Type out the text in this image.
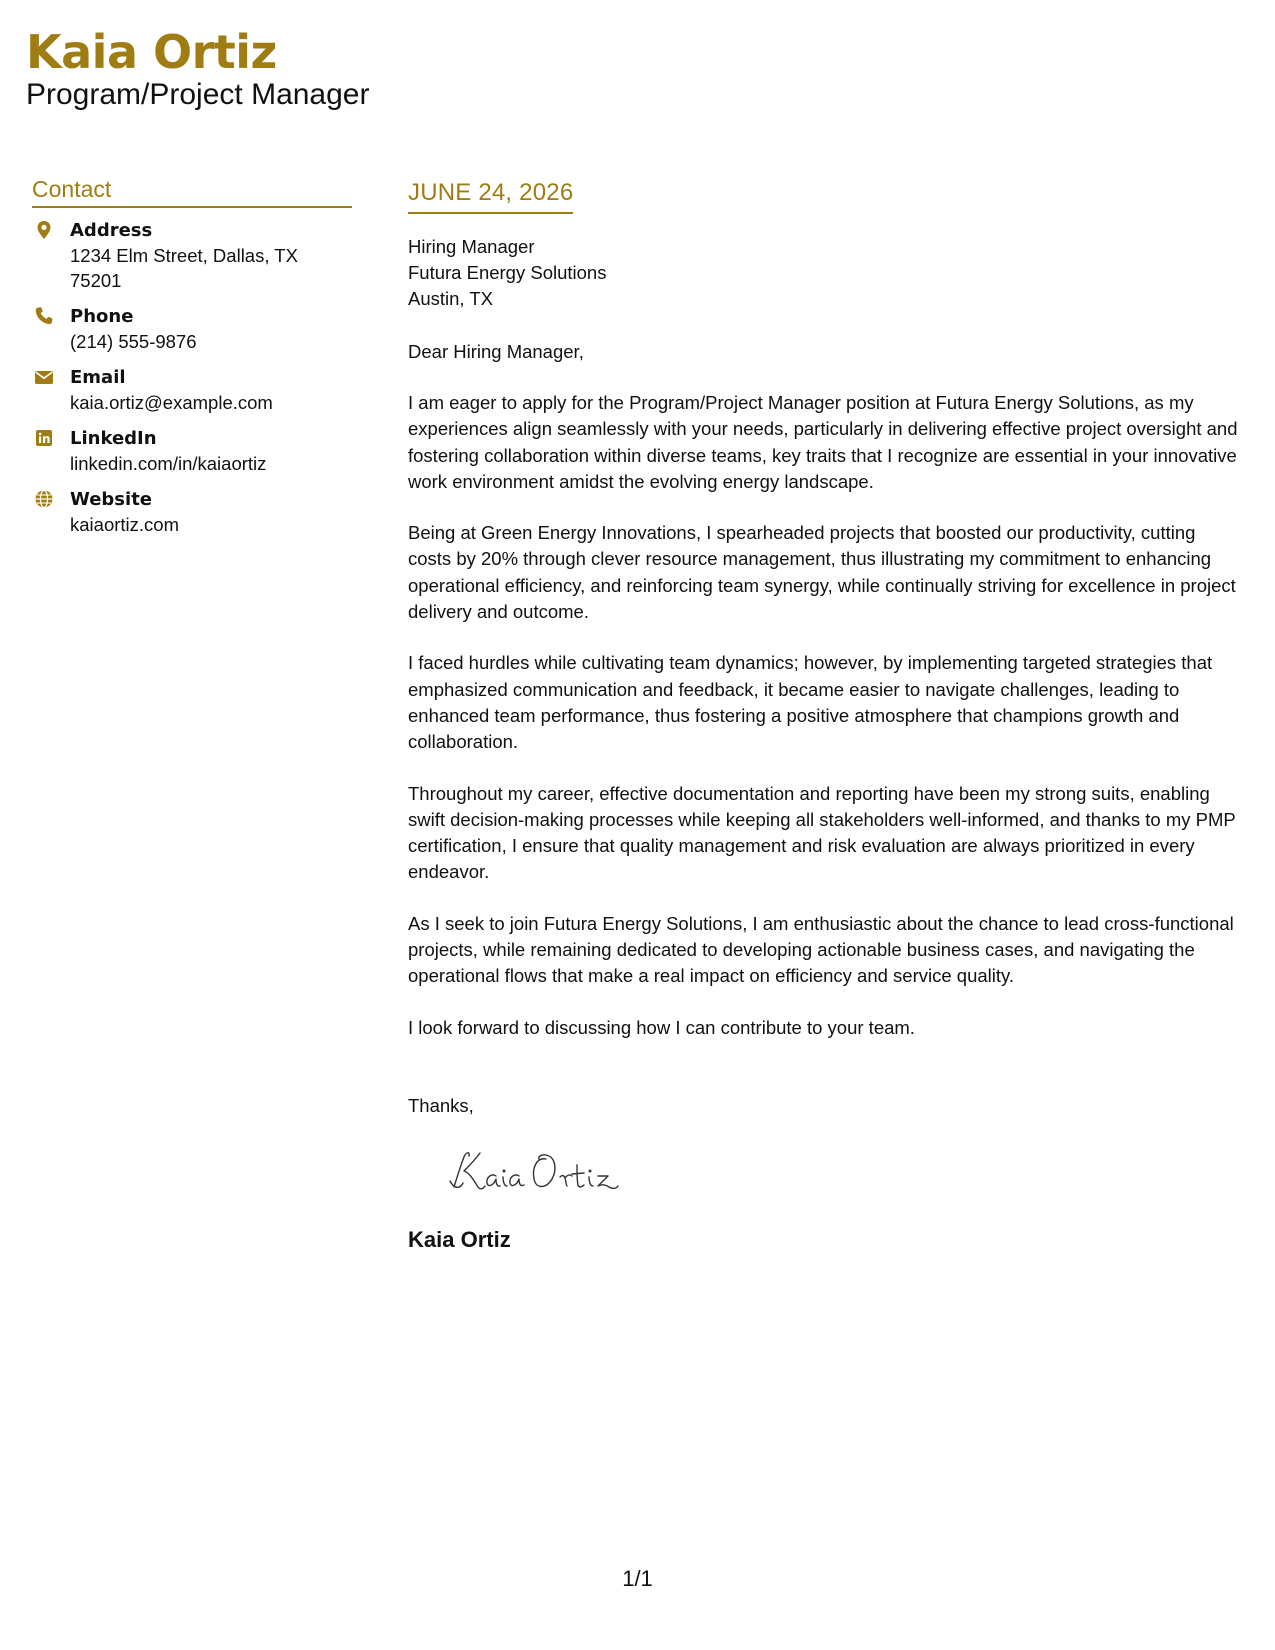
Kaia Ortiz
Program/Project Manager
Contact
Address
1234 Elm Street, Dallas, TX 75201
Phone
(214) 555-9876
Email
kaia.ortiz@example.com
LinkedIn
linkedin.com/in/kaiaortiz
Website
kaiaortiz.com
JUNE 24, 2026
Hiring Manager
Futura Energy Solutions
Austin, TX
Dear Hiring Manager,
I am eager to apply for the Program/Project Manager position at Futura Energy Solutions, as my experiences align seamlessly with your needs, particularly in delivering effective project oversight and fostering collaboration within diverse teams, key traits that I recognize are essential in your innovative work environment amidst the evolving energy landscape.
Being at Green Energy Innovations, I spearheaded projects that boosted our productivity, cutting costs by 20% through clever resource management, thus illustrating my commitment to enhancing operational efficiency, and reinforcing team synergy, while continually striving for excellence in project delivery and outcome.
I faced hurdles while cultivating team dynamics; however, by implementing targeted strategies that emphasized communication and feedback, it became easier to navigate challenges, leading to enhanced team performance, thus fostering a positive atmosphere that champions growth and collaboration.
Throughout my career, effective documentation and reporting have been my strong suits, enabling swift decision-making processes while keeping all stakeholders well-informed, and thanks to my PMP certification, I ensure that quality management and risk evaluation are always prioritized in every endeavor.
As I seek to join Futura Energy Solutions, I am enthusiastic about the chance to lead cross-functional projects, while remaining dedicated to developing actionable business cases, and navigating the operational flows that make a real impact on efficiency and service quality.
I look forward to discussing how I can contribute to your team.
Thanks,
Kaia Ortiz
1/1
